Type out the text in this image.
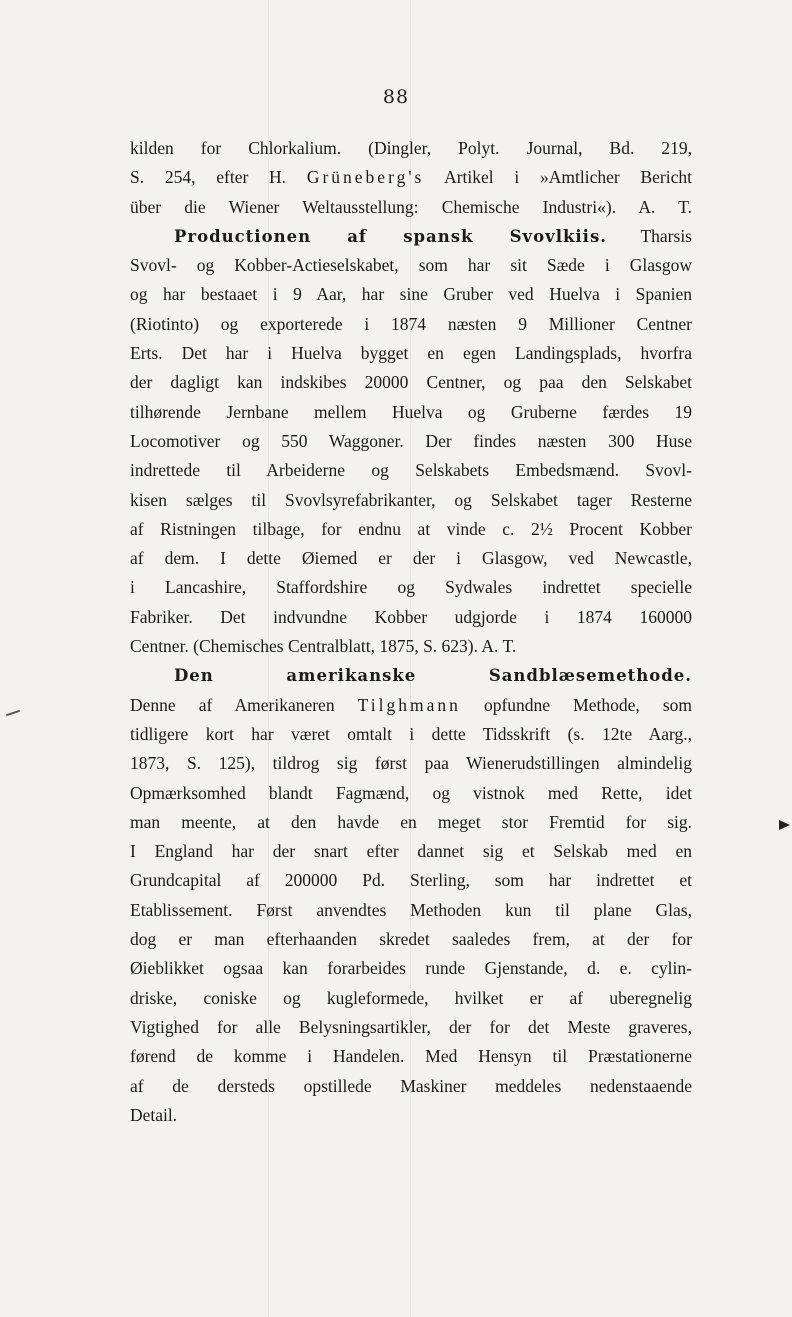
88
kilden for Chlorkalium. (Dingler, Polyt. Journal, Bd. 219,
S. 254, efter H. Grüneberg's Artikel i »Amtlicher Bericht
über die Wiener Weltausstellung: Chemische Industri«). A. T.
Productionen af spansk Svovlkiis. Tharsis
Svovl- og Kobber-Actieselskabet, som har sit Sæde i Glasgow
og har bestaaet i 9 Aar, har sine Gruber ved Huelva i Spanien
(Riotinto) og exporterede i 1874 næsten 9 Millioner Centner
Erts. Det har i Huelva bygget en egen Landingsplads, hvorfra
der dagligt kan indskibes 20000 Centner, og paa den Selskabet
tilhørende Jernbane mellem Huelva og Gruberne færdes 19
Locomotiver og 550 Waggoner. Der findes næsten 300 Huse
indrettede til Arbeiderne og Selskabets Embedsmænd. Svovl-
kisen sælges til Svovlsyrefabrikanter, og Selskabet tager Resterne
af Ristningen tilbage, for endnu at vinde c. 2½ Procent Kobber
af dem. I dette Øiemed er der i Glasgow, ved Newcastle,
i Lancashire, Staffordshire og Sydwales indrettet specielle
Fabriker. Det indvundne Kobber udgjorde i 1874 160000
Centner. (Chemisches Centralblatt, 1875, S. 623). A. T.
Den amerikanske Sandblæsemethode.
Denne af Amerikaneren Tilghmann opfundne Methode, som
tidligere kort har været omtalt i dette Tidsskrift (s. 12te Aarg.,
1873, S. 125), tildrog sig først paa Wienerudstillingen almindelig
Opmærksomhed blandt Fagmænd, og vistnok med Rette, idet
man meente, at den havde en meget stor Fremtid for sig.
I England har der snart efter dannet sig et Selskab med en
Grundcapital af 200000 Pd. Sterling, som har indrettet et
Etablissement. Først anvendtes Methoden kun til plane Glas,
dog er man efterhaanden skredet saaledes frem, at der for
Øieblikket ogsaa kan forarbeides runde Gjenstande, d. e. cylin-
driske, coniske og kugleformede, hvilket er af uberegnelig
Vigtighed for alle Belysningsartikler, der for det Meste graveres,
førend de komme i Handelen. Med Hensyn til Præstationerne
af de dersteds opstillede Maskiner meddeles nedenstaaende
Detail.
